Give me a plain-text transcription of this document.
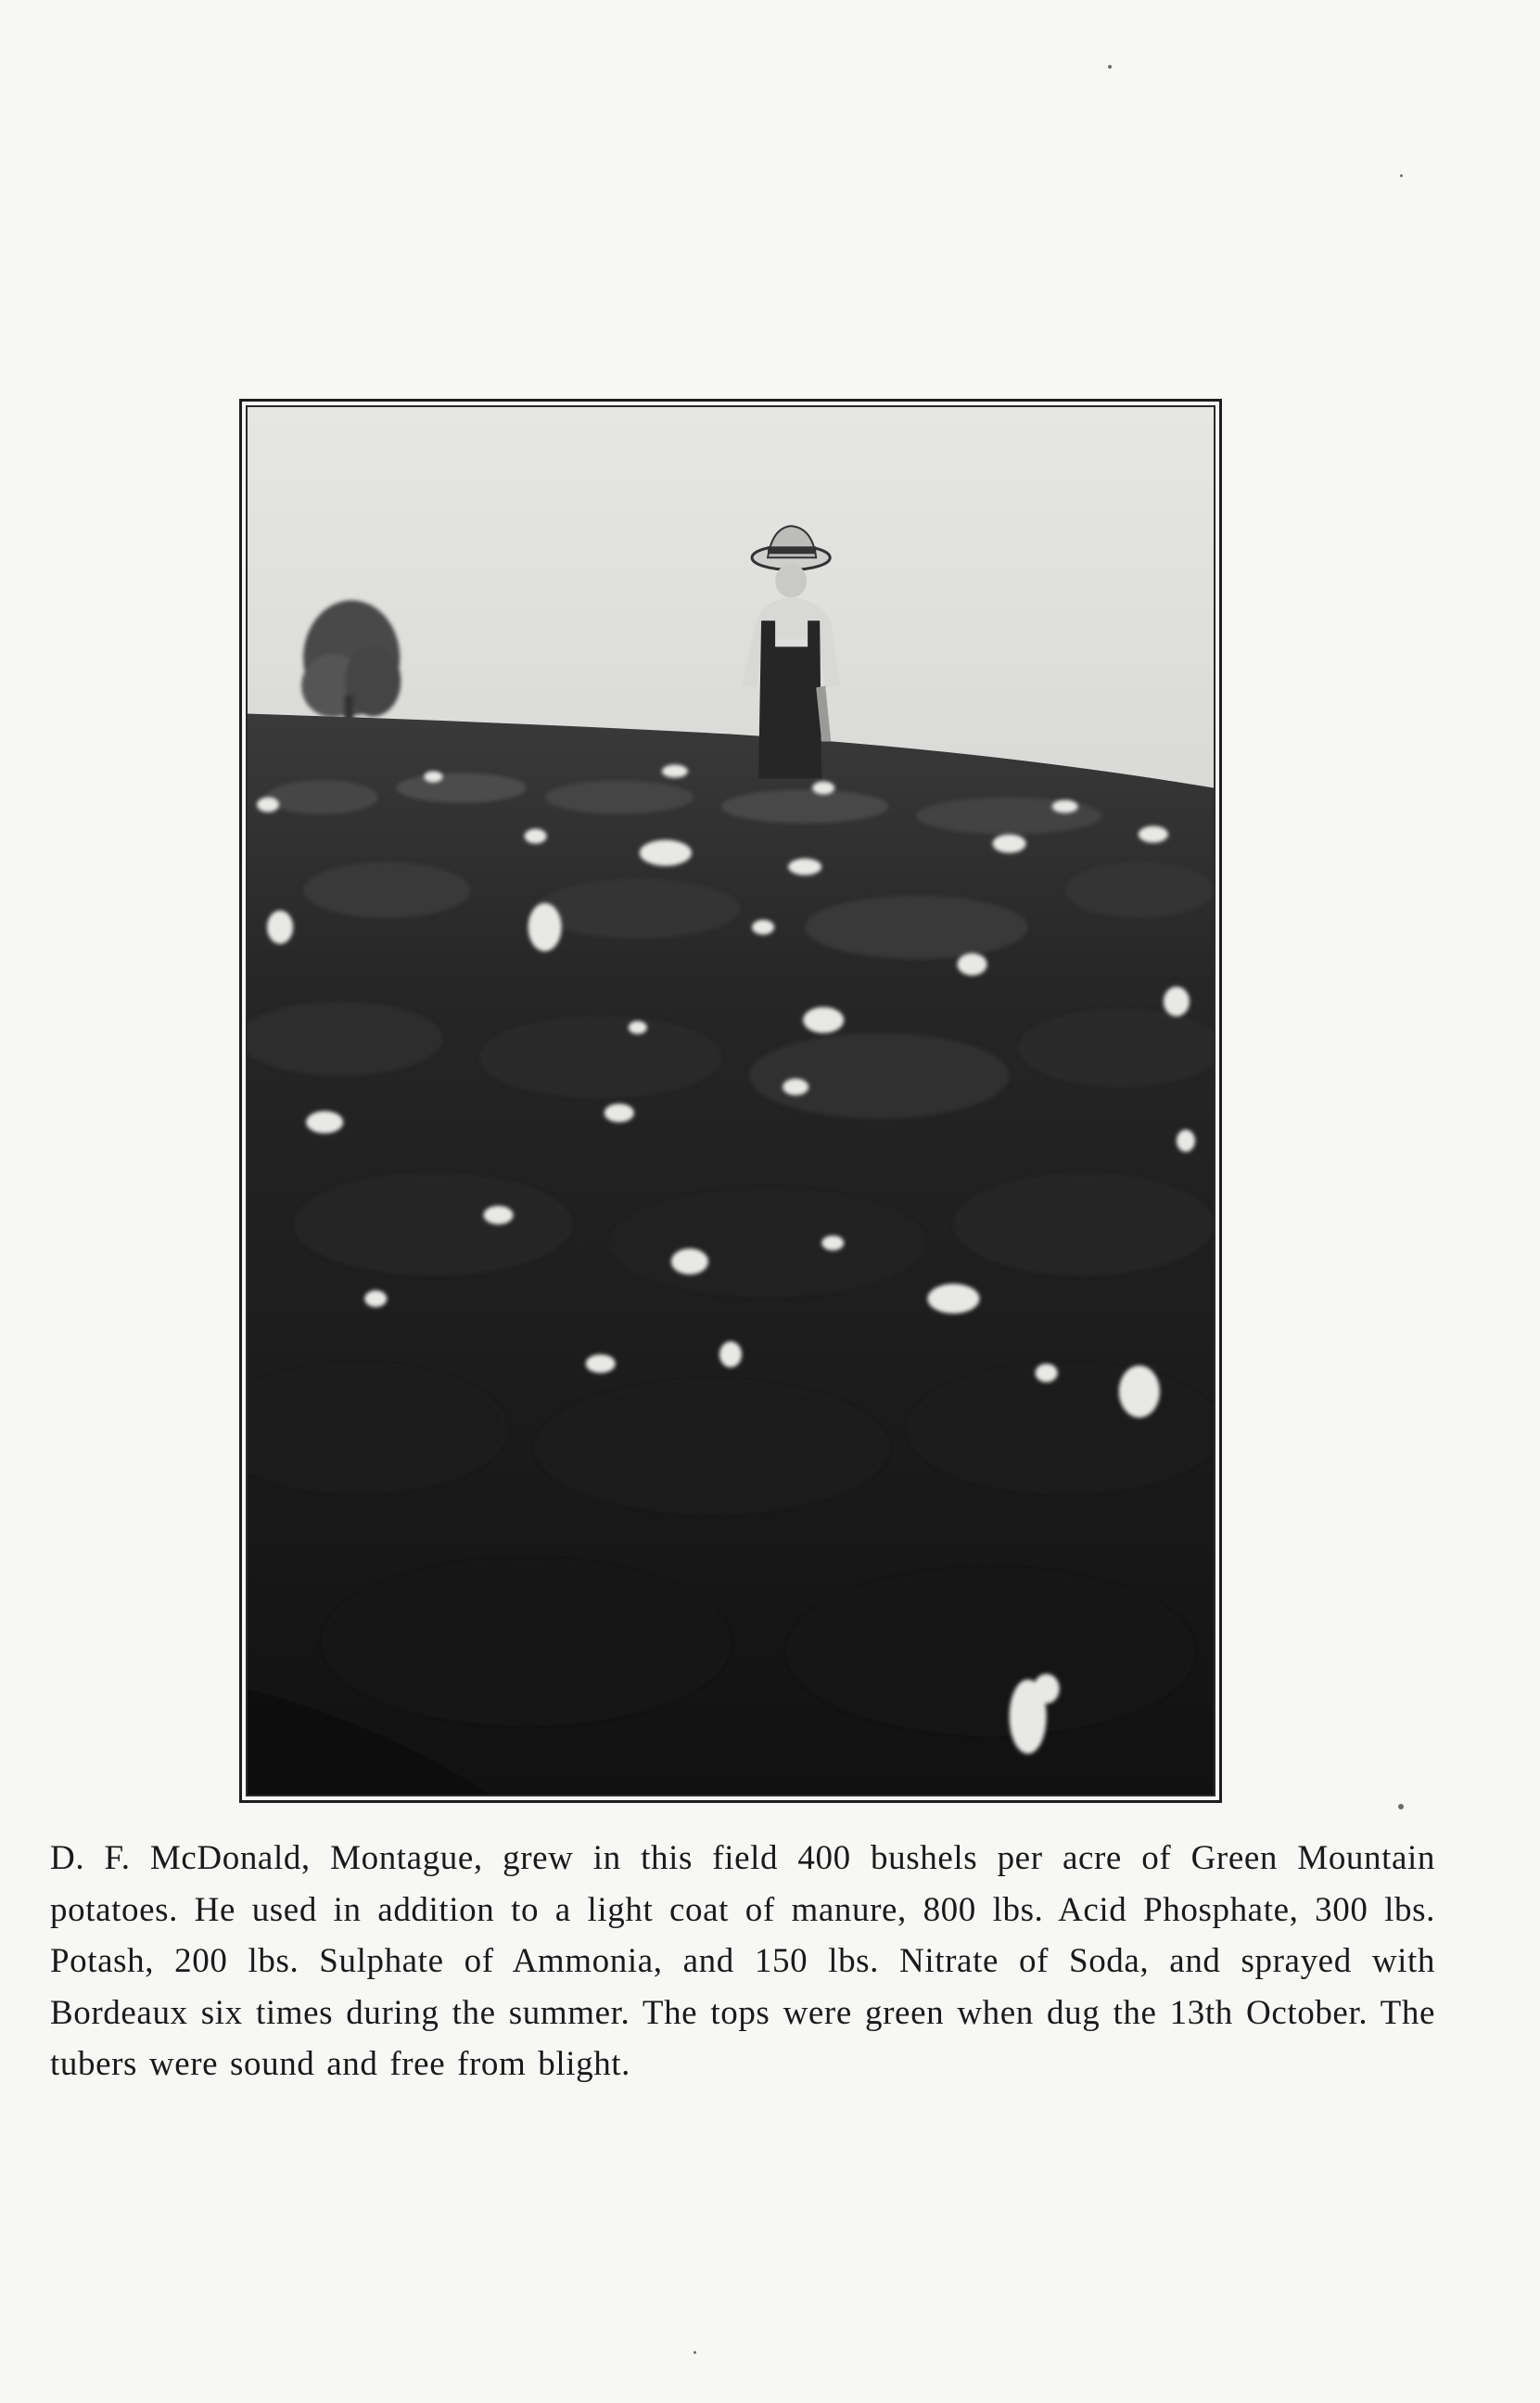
D. F. McDonald, Montague, grew in this field 400 bushels per acre of Green Mountain potatoes. He used in addition to a light coat of manure, 800 lbs. Acid Phosphate, 300 lbs. Potash, 200 lbs. Sulphate of Ammonia, and 150 lbs. Nitrate of Soda, and sprayed with Bordeaux six times during the summer. The tops were green when dug the 13th October. The tubers were sound and free from blight.
